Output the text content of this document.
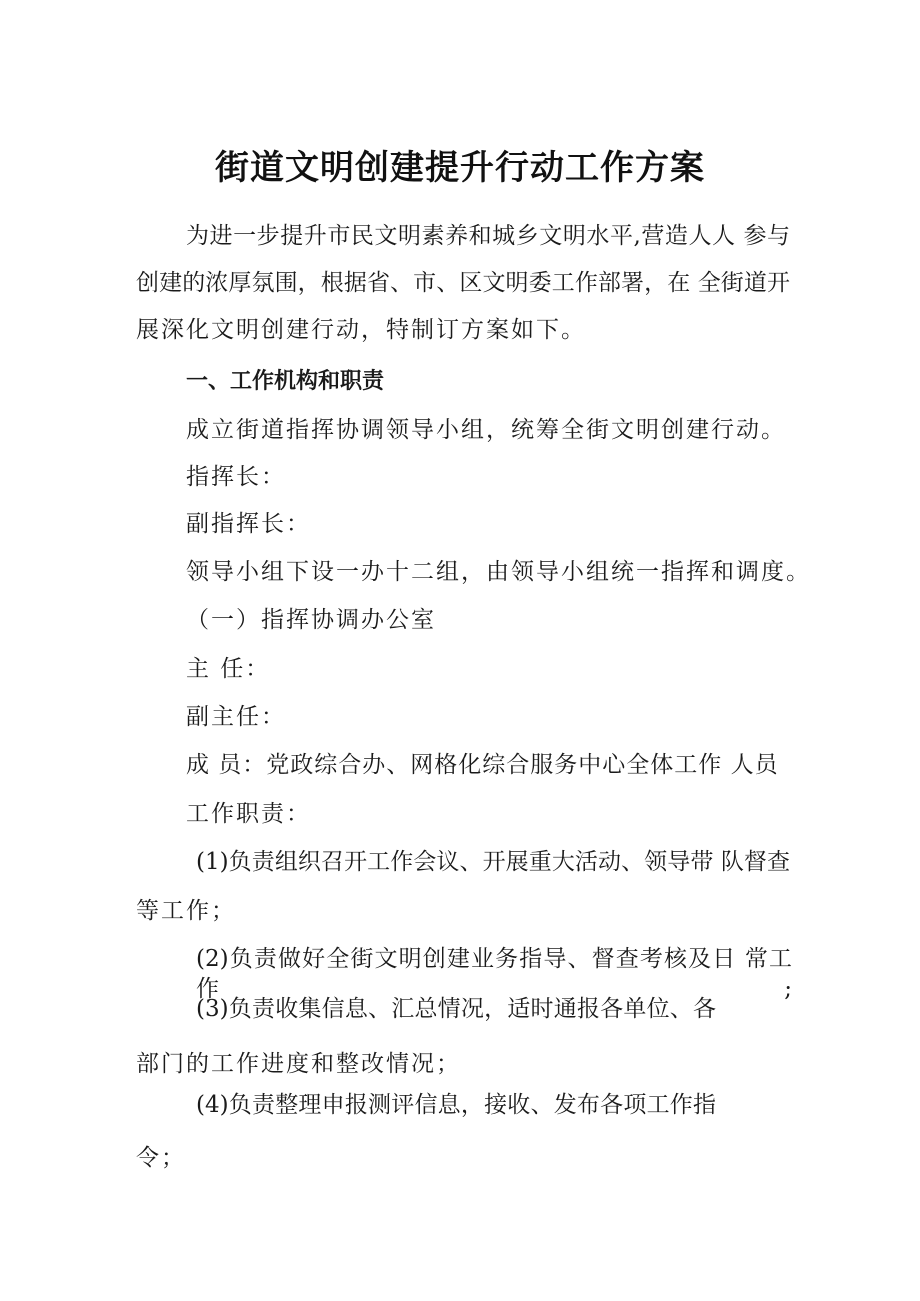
街道文明创建提升行动工作方案
为进一步提升市民文明素养和城乡文明水平,营造人人 参与
创建的浓厚氛围，根据省、市、区文明委工作部署，在 全街道开
展深化文明创建行动，特制订方案如下。
一、工作机构和职责
成立街道指挥协调领导小组，统筹全街文明创建行动。
指挥长：
副指挥长：
领导小组下设一办十二组，由领导小组统一指挥和调度。
（一）指挥协调办公室
主 任：
副主任：
成 员：党政综合办、网格化综合服务中心全体工作 人员
工作职责：
(1)负责组织召开工作会议、开展重大活动、领导带 队督查
等工作；
(2)负责做好全街文明创建业务指导、督查考核及日 常工作;
(3)负责收集信息、汇总情况，适时通报各单位、各
部门的工作进度和整改情况；
(4)负责整理申报测评信息，接收、发布各项工作指
令；
